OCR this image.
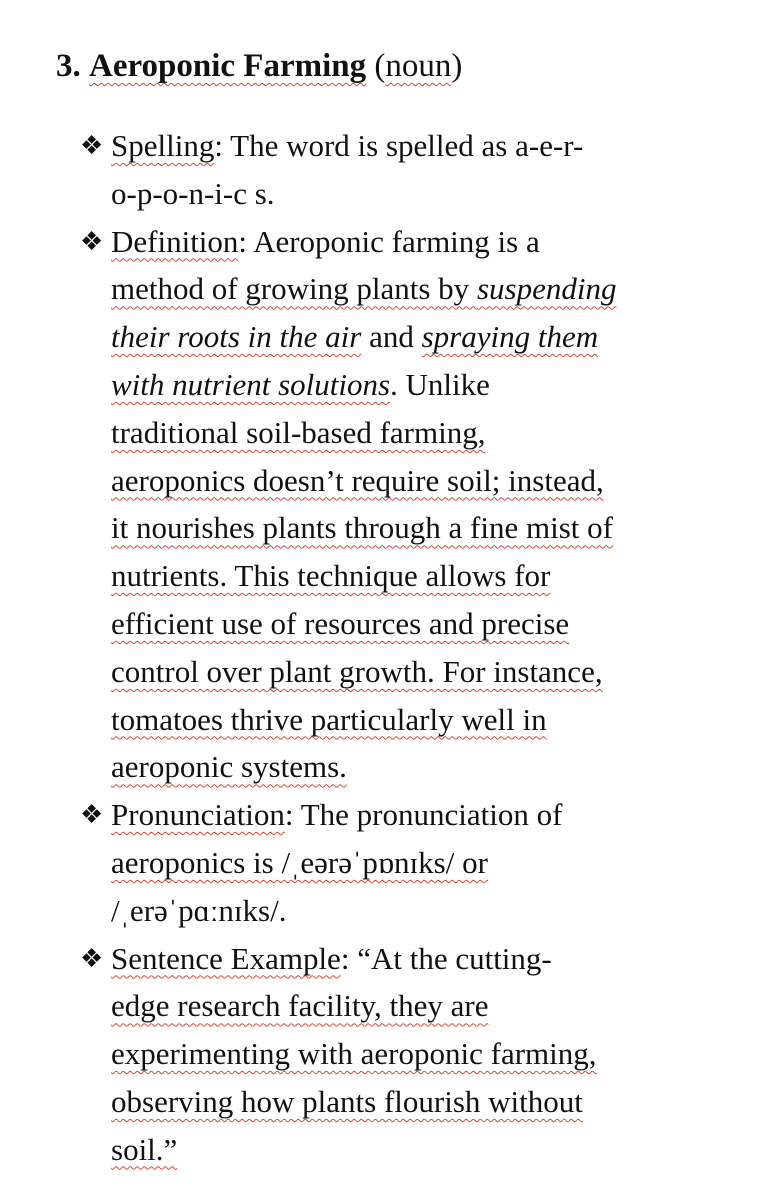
3. Aeroponic Farming (noun)
❖ Spelling: The word is spelled as a-e-r-
o-p-o-n-i-c s.
❖ Definition: Aeroponic farming is a
method of growing plants by suspending
their roots in the air and spraying them
with nutrient solutions. Unlike
traditional soil-based farming,
aeroponics doesn’t require soil; instead,
it nourishes plants through a fine mist of
nutrients. This technique allows for
efficient use of resources and precise
control over plant growth. For instance,
tomatoes thrive particularly well in
aeroponic systems.
❖ Pronunciation: The pronunciation of
aeroponics is /ˌeərəˈpɒnɪks/ or
/ˌerəˈpɑːnɪks/.
❖ Sentence Example: “At the cutting-
edge research facility, they are
experimenting with aeroponic farming,
observing how plants flourish without
soil.”
